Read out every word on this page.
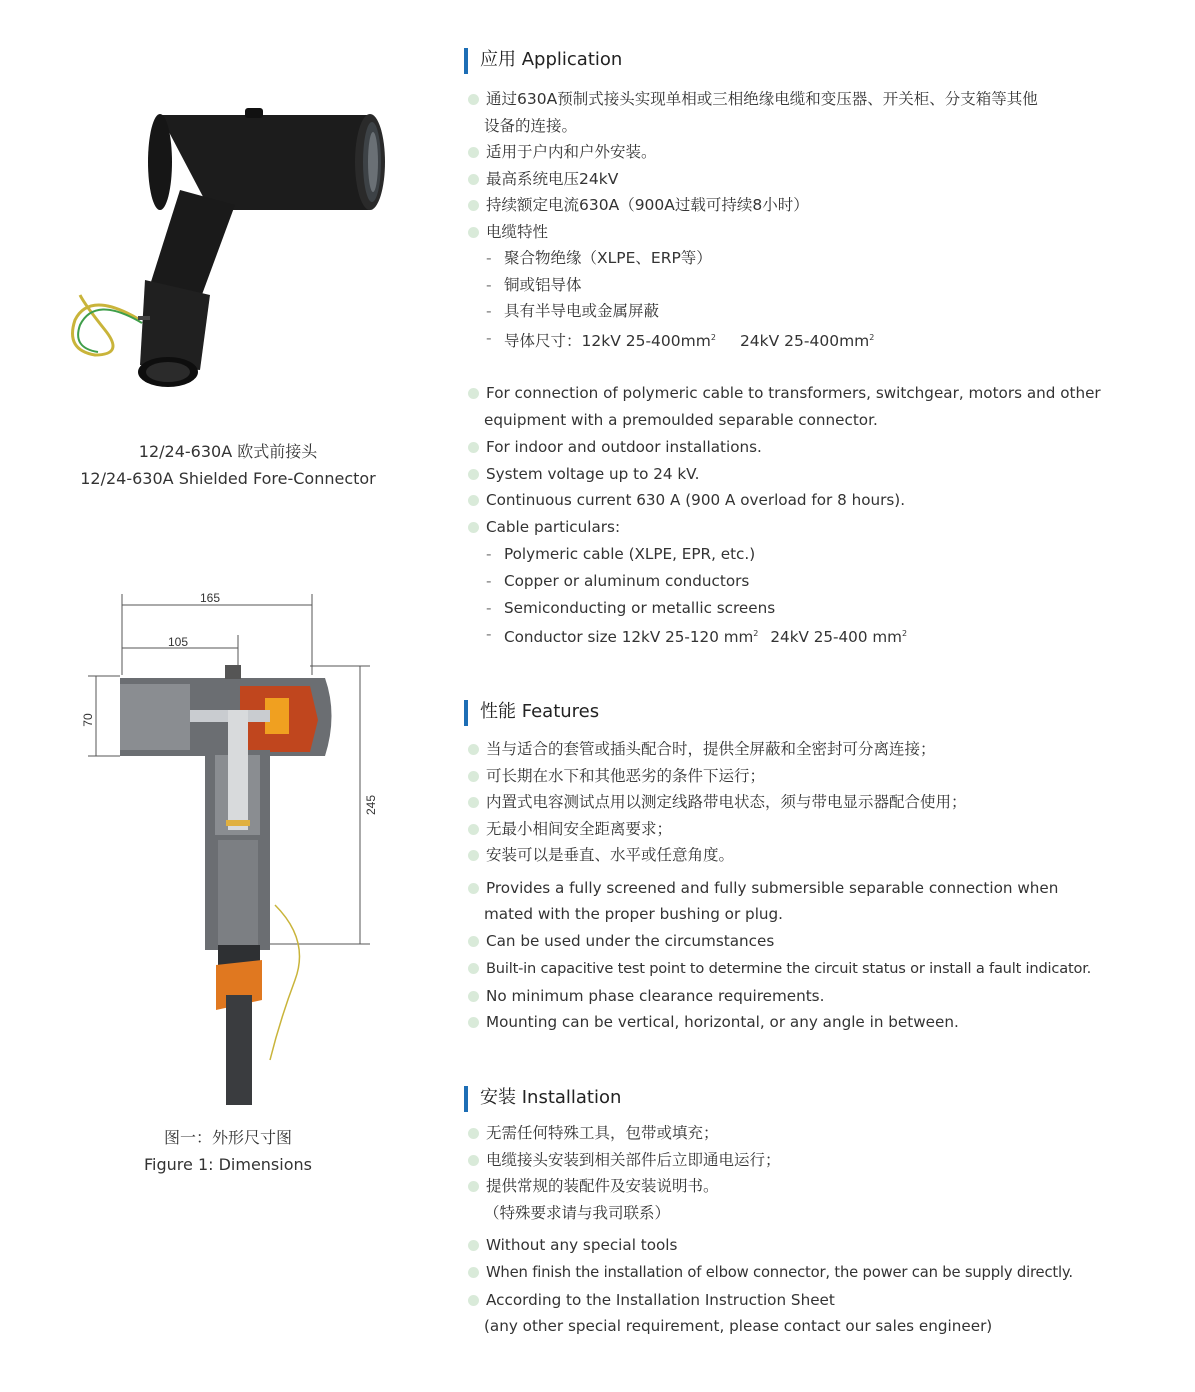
12/24-630A 欧式前接头
12/24-630A Shielded Fore-Connector
165
105
70
245
图一：外形尺寸图
Figure 1: Dimensions
应用 Application
通过630A预制式接头实现单相或三相绝缘电缆和变压器、开关柜、分支箱等其他
设备的连接。
适用于户内和户外安装。
最高系统电压24kV
持续额定电流630A（900A过载可持续8小时）
电缆特性
- 聚合物绝缘（XLPE、ERP等）
- 铜或铝导体
- 具有半导电或金属屏蔽
- 导体尺寸：12kV $25-400mm^2$ 24kV $25-400mm^2$
For connection of polymeric cable to transformers, switchgear, motors and other
equipment with a premoulded separable connector.
For indoor and outdoor installations.
System voltage up to 24 kV.
Continuous current 630 A (900 A overload for 8 hours).
Cable particulars:
- Polymeric cable (XLPE, EPR, etc.)
- Copper or aluminum conductors
- Semiconducting or metallic screens
- Conductor size 12kV 25-120 $mm^2$ 24kV 25-400 $mm^2$
性能 Features
当与适合的套管或插头配合时，提供全屏蔽和全密封可分离连接；
可长期在水下和其他恶劣的条件下运行；
内置式电容测试点用以测定线路带电状态，须与带电显示器配合使用；
无最小相间安全距离要求；
安装可以是垂直、水平或任意角度。
Provides a fully screened and fully submersible separable connection when
mated with the proper bushing or plug.
Can be used under the circumstances
Built-in capacitive test point to determine the circuit status or install a fault indicator.
No minimum phase clearance requirements.
Mounting can be vertical, horizontal, or any angle in between.
安装 Installation
无需任何特殊工具，包带或填充；
电缆接头安装到相关部件后立即通电运行；
提供常规的装配件及安装说明书。
（特殊要求请与我司联系）
Without any special tools
When finish the installation of elbow connector, the power can be supply directly.
According to the Installation Instruction Sheet
(any other special requirement, please contact our sales engineer)
